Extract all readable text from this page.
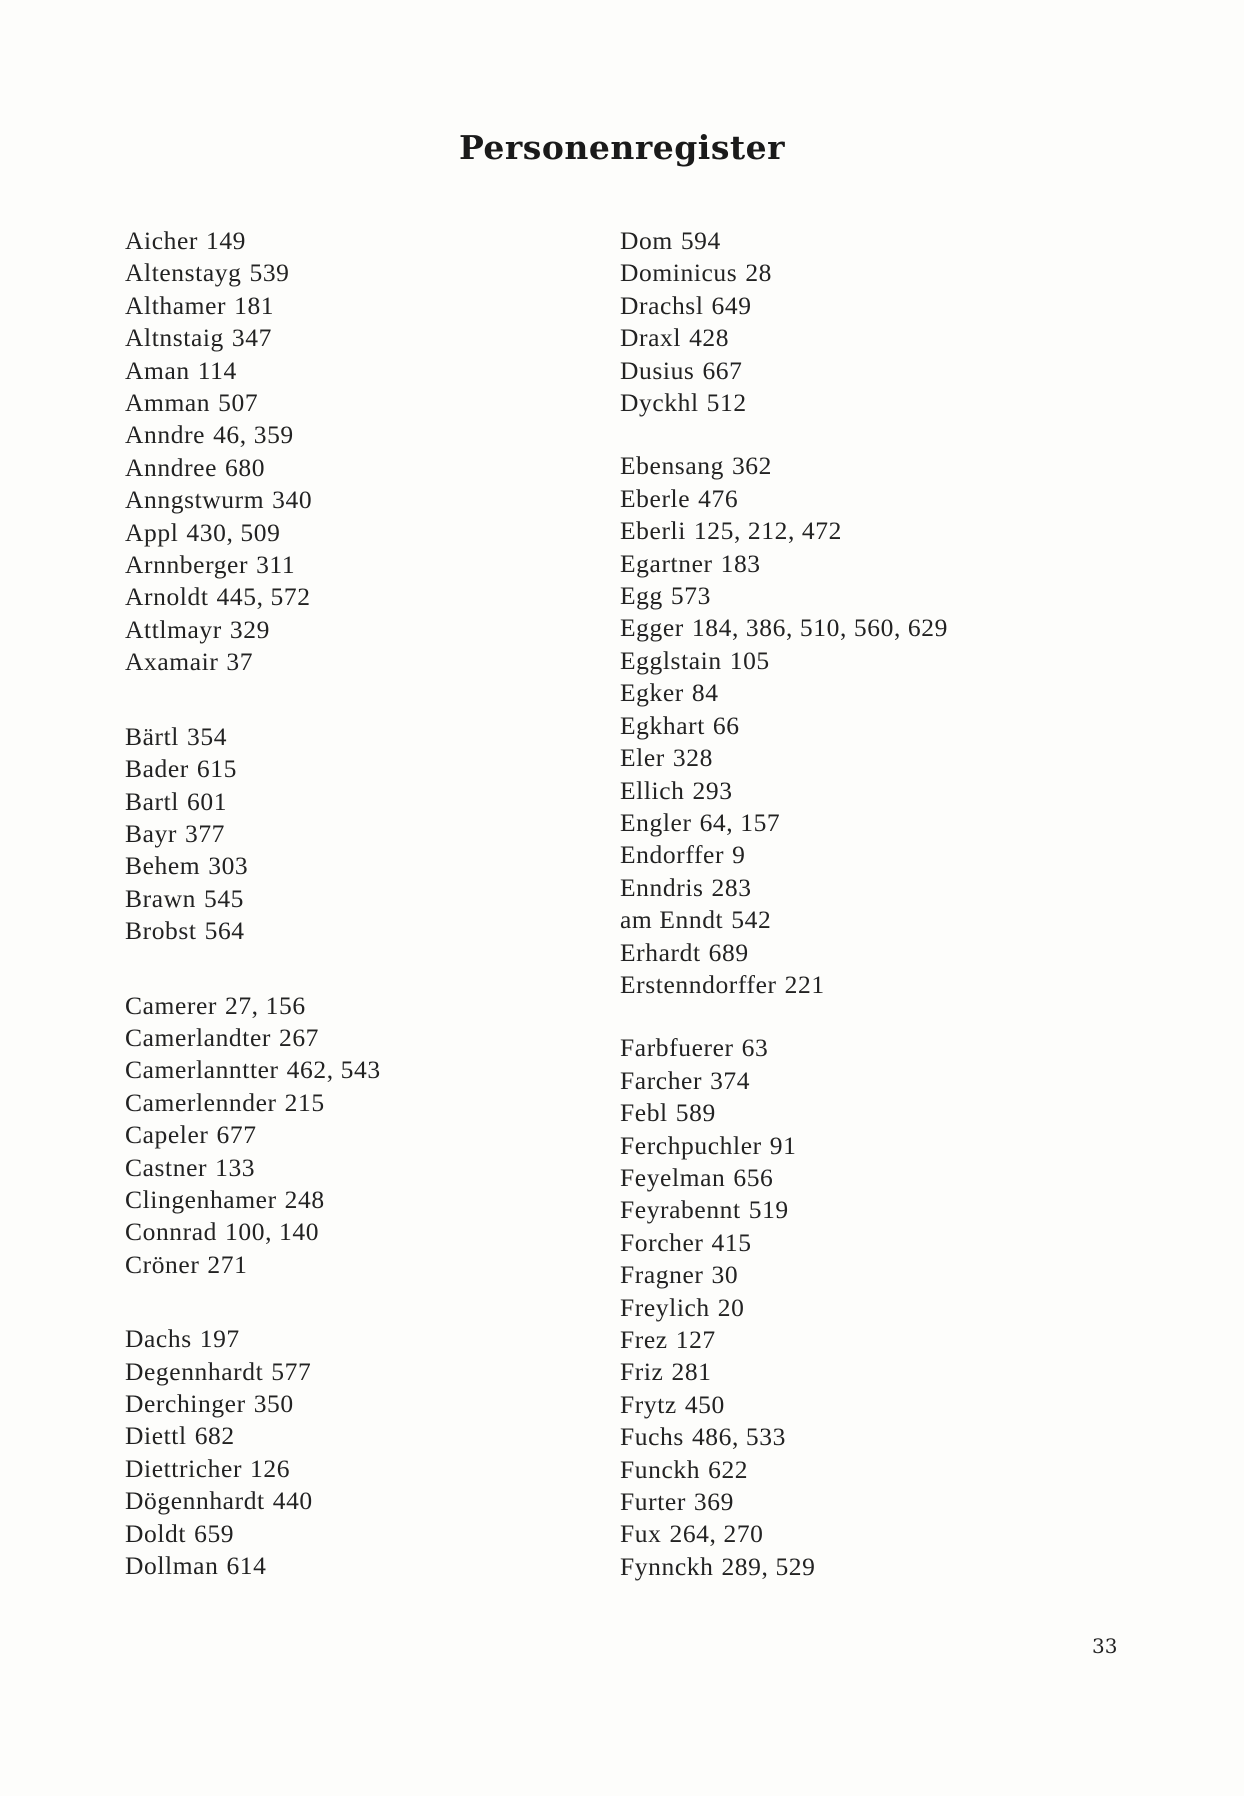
Personenregister
Aicher 149
Altenstayg 539
Althamer 181
Altnstaig 347
Aman 114
Amman 507
Anndre 46, 359
Anndree 680
Anngstwurm 340
Appl 430, 509
Arnnberger 311
Arnoldt 445, 572
Attlmayr 329
Axamair 37
Bärtl 354
Bader 615
Bartl 601
Bayr 377
Behem 303
Brawn 545
Brobst 564
Camerer 27, 156
Camerlandter 267
Camerlanntter 462, 543
Camerlennder 215
Capeler 677
Castner 133
Clingenhamer 248
Connrad 100, 140
Cröner 271
Dachs 197
Degennhardt 577
Derchinger 350
Diettl 682
Diettricher 126
Dögennhardt 440
Doldt 659
Dollman 614
Dom 594
Dominicus 28
Drachsl 649
Draxl 428
Dusius 667
Dyckhl 512
Ebensang 362
Eberle 476
Eberli 125, 212, 472
Egartner 183
Egg 573
Egger 184, 386, 510, 560, 629
Egglstain 105
Egker 84
Egkhart 66
Eler 328
Ellich 293
Engler 64, 157
Endorffer 9
Enndris 283
am Enndt 542
Erhardt 689
Erstenndorffer 221
Farbfuerer 63
Farcher 374
Febl 589
Ferchpuchler 91
Feyelman 656
Feyrabennt 519
Forcher 415
Fragner 30
Freylich 20
Frez 127
Friz 281
Frytz 450
Fuchs 486, 533
Funckh 622
Furter 369
Fux 264, 270
Fynnckh 289, 529
33
